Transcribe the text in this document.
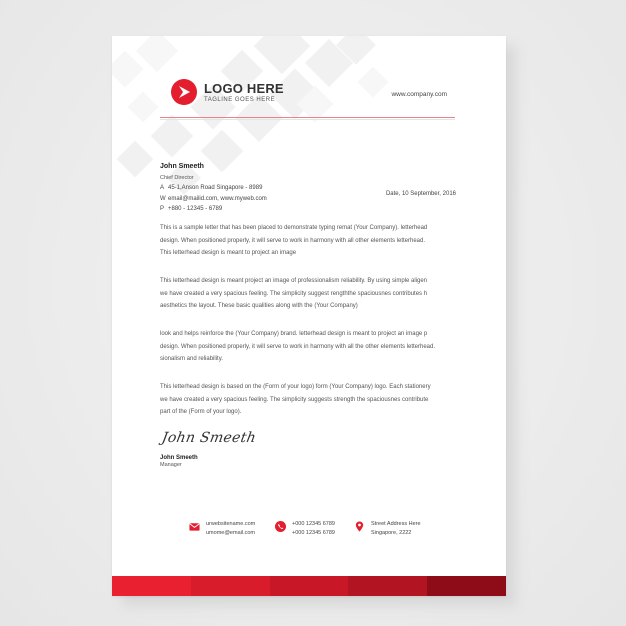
LOGO HERE
TAGLINE GOES HERE
www.company.com
John Smeeth
Chief Director
A 45-1,Anson Road Singapore - 8989
W email@mailid.com, www.myweb.com
P +880 - 12345 - 6789
Date, 10 September, 2016

This is a sample letter that has been placed to demonstrate typing remat (Your Company). letterhead
design. When positioned properly, it will serve to work in harmony with all other elements letterhead.
This letterhead design is meant to project an image

This letterhead design is meant project an image of professionalism reliability. By using simple aligen
we have created a very spacious feeling. The simplicity suggest rengththe spaciousnes contributes h
aesthetics the layout. These basic qualities along with the (Your Company)

look and helps reinforce the (Your Company) brand. letterhead design is meant to project an image p
design. When positioned properly, it will serve to work in harmony with all the other elements letterhead.
sionalism and reliability.

This letterhead design is based on the (Form of your logo) form (Your Company) logo. Each stationery
we have created a very spacious feeling. The simplicity suggests strength the spaciousnes contribute
part of the (Form of your logo).

John Smeeth
John Smeeth
Manager
urwebsitename.com
umome@email.com
+000 12345 6789
+000 12345 6789
Street Address Here
Singapore, 2222
